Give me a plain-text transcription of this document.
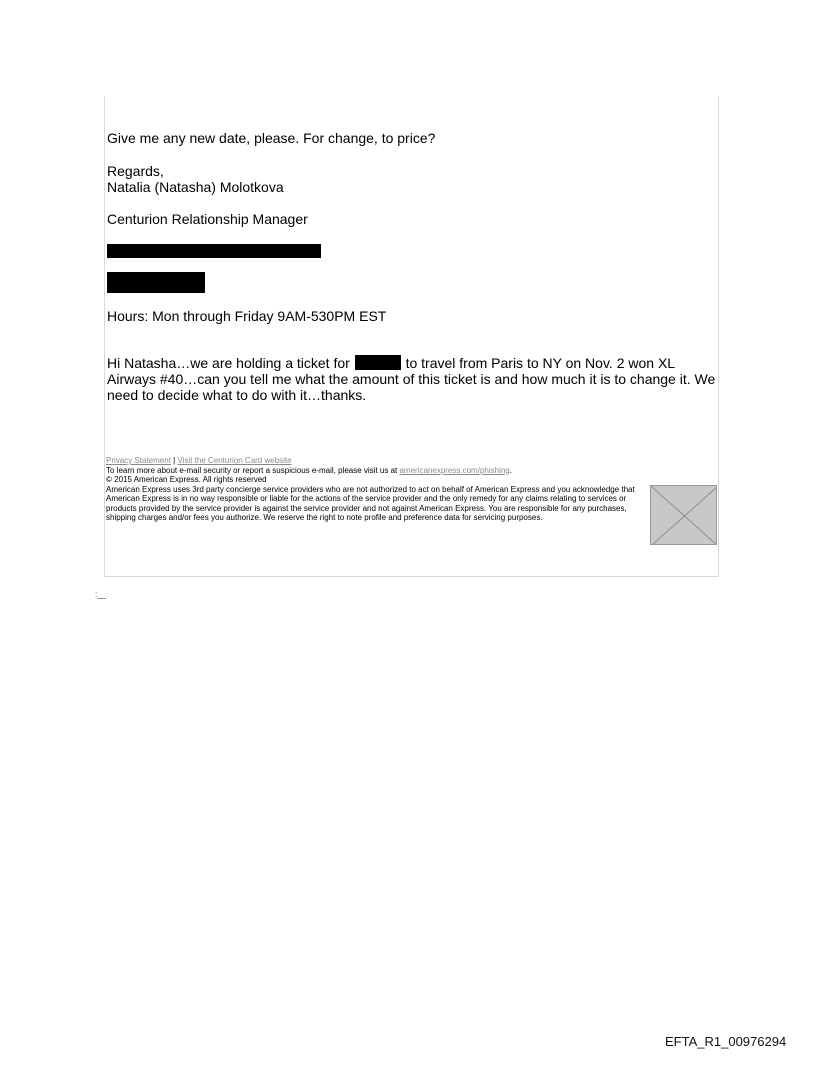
Give me any new date, please. For change, to price?
Regards,
Natalia (Natasha) Molotkova
Centurion Relationship Manager
Hours: Mon through Friday 9AM-530PM EST
Hi Natasha…we are holding a ticket for	to travel from Paris to NY on Nov. 2 won XL Airways #40…can you tell me what the amount of this ticket is and how much it is to change it. We need to decide what to do with it…thanks.

Privacy Statement | Visit the Centurion Card website

To learn more about e-mail security or report a suspicious e-mail, please visit us at americanexpress.com/phishing.

© 2015 American Express. All rights reserved

American Express uses 3rd party concierge service providers who are not authorized to act on behalf of American Express and you acknowledge that American Express is in no way responsible or liable for the actions of the service provider and the only remedy for any claims relating to services or products provided by the service provider is against the service provider and not against American Express. You are responsible for any purchases, shipping charges and/or fees you authorize. We reserve the right to note profile and preference data for servicing purposes.

:__
EFTA_R1_00976294
